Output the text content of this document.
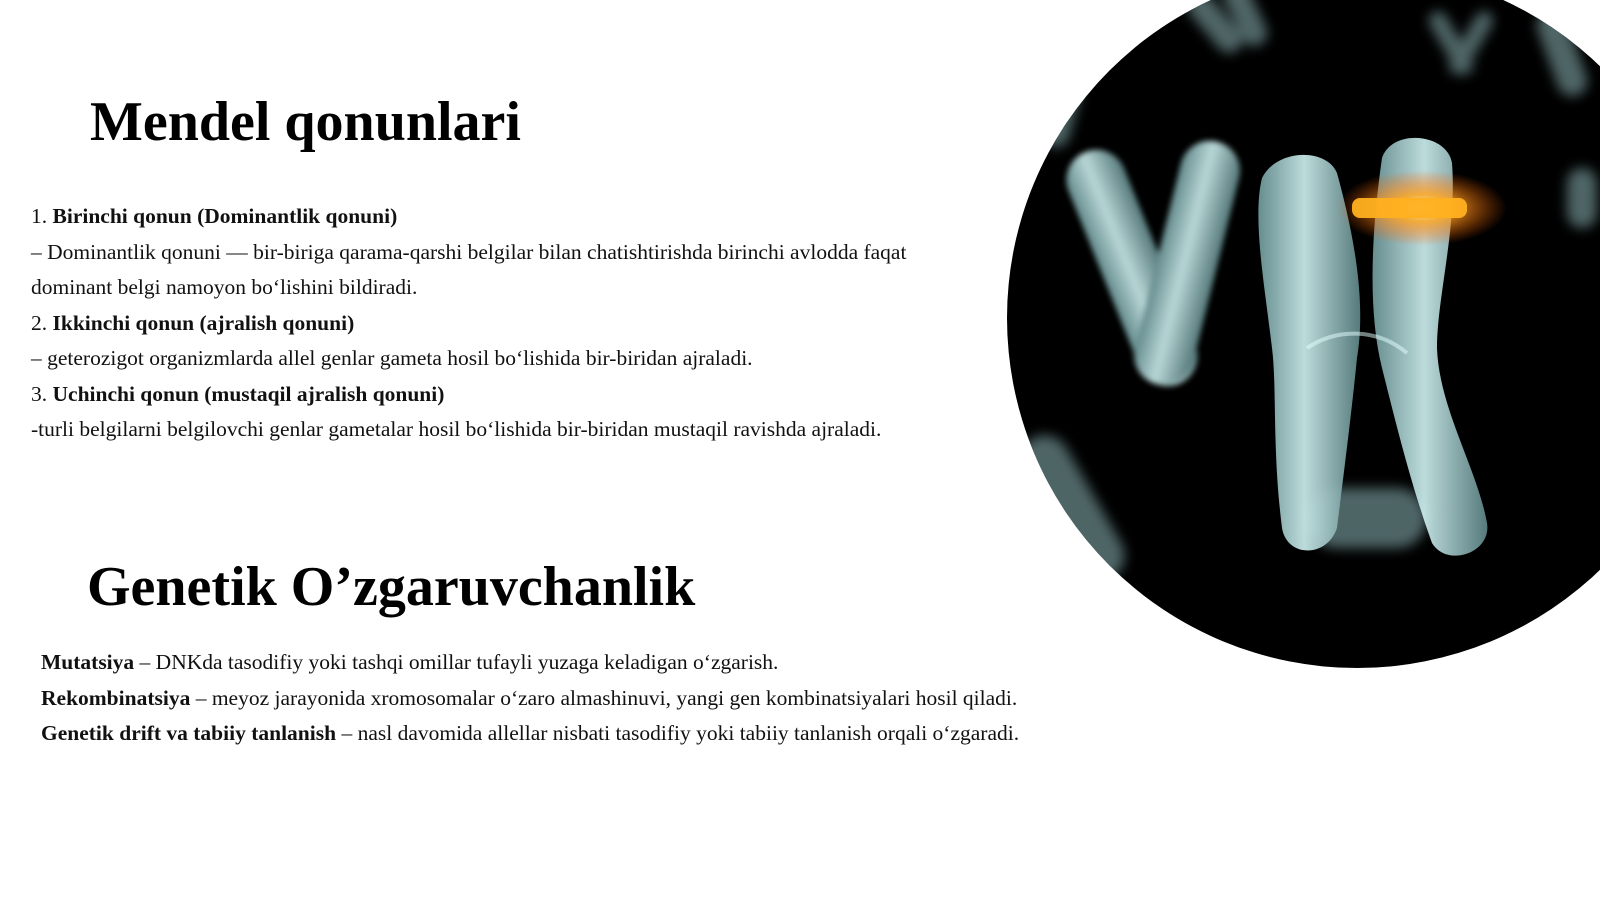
Mendel qonunlari
1. Birinchi qonun (Dominantlik qonuni)
– Dominantlik qonuni — bir-biriga qarama-qarshi belgilar bilan chatishtirishda birinchi avlodda faqat dominant belgi namoyon bo‘lishini bildiradi.
2. Ikkinchi qonun (ajralish qonuni)
– geterozigot organizmlarda allel genlar gameta hosil bo‘lishida bir-biridan ajraladi.
3. Uchinchi qonun (mustaqil ajralish qonuni)
-turli belgilarni belgilovchi genlar gametalar hosil bo‘lishida bir-biridan mustaqil ravishda ajraladi.
Genetik O’zgaruvchanlik
Mutatsiya – DNKda tasodifiy yoki tashqi omillar tufayli yuzaga keladigan o‘zgarish.
Rekombinatsiya – meyoz jarayonida xromosomalar o‘zaro almashinuvi, yangi gen kombinatsiyalari hosil qiladi.
Genetik drift va tabiiy tanlanish – nasl davomida allellar nisbati tasodifiy yoki tabiiy tanlanish orqali o‘zgaradi.
